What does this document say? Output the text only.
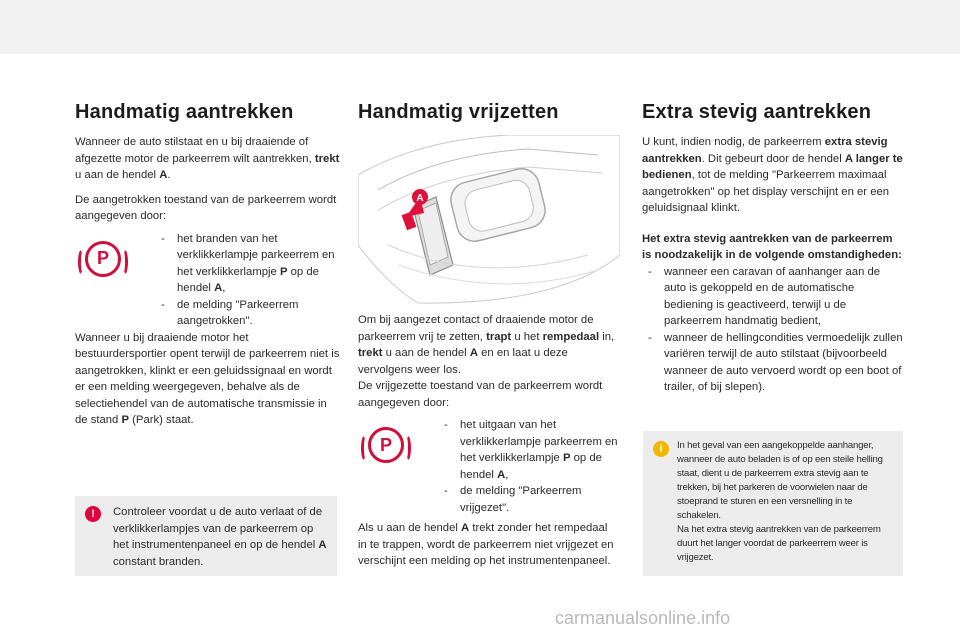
Handmatig aantrekken

Wanneer de auto stilstaat en u bij draaiende of afgezette motor de parkeerrem wilt aantrekken, trekt u aan de hendel A.

De aangetrokken toestand van de parkeerrem wordt aangegeven door:

P
- het branden van het verklikkerlampje parkeerrem en het verklikkerlampje P op de hendel A,
- de melding "Parkeerrem aangetrokken".

Wanneer u bij draaiende motor het bestuurdersportier opent terwijl de parkeerrem niet is aangetrokken, klinkt er een geluidssignaal en wordt er een melding weergegeven, behalve als de selectiehendel van de automatische transmissie in de stand P (Park) staat.

!	Controleer voordat u de auto verlaat of de verklikkerlampjes van de parkeerrem op het instrumentenpaneel en op de hendel A constant branden.
Handmatig vrijzetten
A

Om bij aangezet contact of draaiende motor de parkeerrem vrij te zetten, trapt u het rempedaal in, trekt u aan de hendel A en en laat u deze vervolgens weer los.

De vrijgezette toestand van de parkeerrem wordt aangegeven door:

P
- het uitgaan van het verklikkerlampje parkeerrem en het verklikkerlampje P op de hendel A,
- de melding "Parkeerrem vrijgezet".

Als u aan de hendel A trekt zonder het rempedaal in te trappen, wordt de parkeerrem niet vrijgezet en verschijnt een melding op het instrumentenpaneel.

Extra stevig aantrekken

U kunt, indien nodig, de parkeerrem extra stevig aantrekken. Dit gebeurt door de hendel A langer te bedienen, tot de melding "Parkeerrem maximaal aangetrokken" op het display verschijnt en er een geluidsignaal klinkt.

Het extra stevig aantrekken van de parkeerrem is noodzakelijk in de volgende omstandigheden:

- wanneer een caravan of aanhanger aan de auto is gekoppeld en de automatische bediening is geactiveerd, terwijl u de parkeerrem handmatig bedient,
- wanneer de hellingcondities vermoedelijk zullen variëren terwijl de auto stilstaat (bijvoorbeeld wanneer de auto vervoerd wordt op een boot of trailer, of bij slepen).
i	In het geval van een aangekoppelde aanhanger, wanneer de auto beladen is of op een steile helling staat, dient u de parkeerrem extra stevig aan te trekken, bij het parkeren de voorwielen naar de stoeprand te sturen en een versnelling in te schakelen.
Na het extra stevig aantrekken van de parkeerrem duurt het langer voordat de parkeerrem weer is vrijgezet.
carmanualsonline.info
